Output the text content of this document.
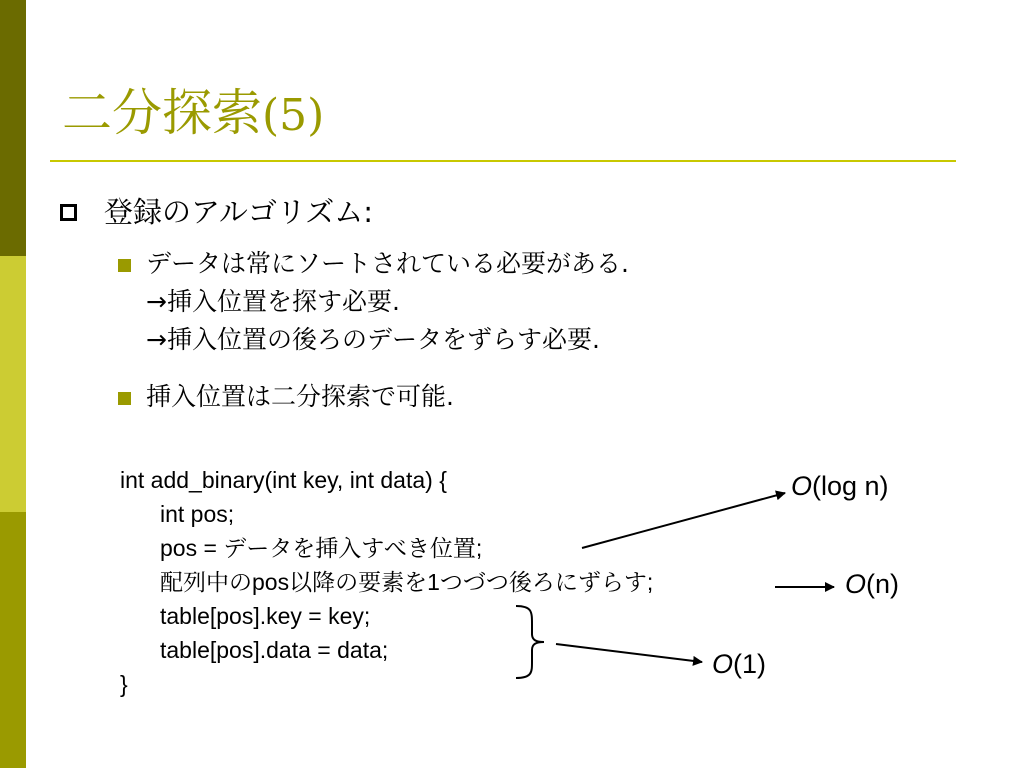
二分探索(5)
登録のアルゴリズム:
データは常にソートされている必要がある.
→挿入位置を探す必要.
→挿入位置の後ろのデータをずらす必要.
挿入位置は二分探索で可能.
int add_binary(int key, int data) {
int pos;
pos = データを挿入すべき位置;
配列中のpos以降の要素を1つづつ後ろにずらす;
table[pos].key = key;
table[pos].data = data;
}
O(log n)
O(n)
O(1)
